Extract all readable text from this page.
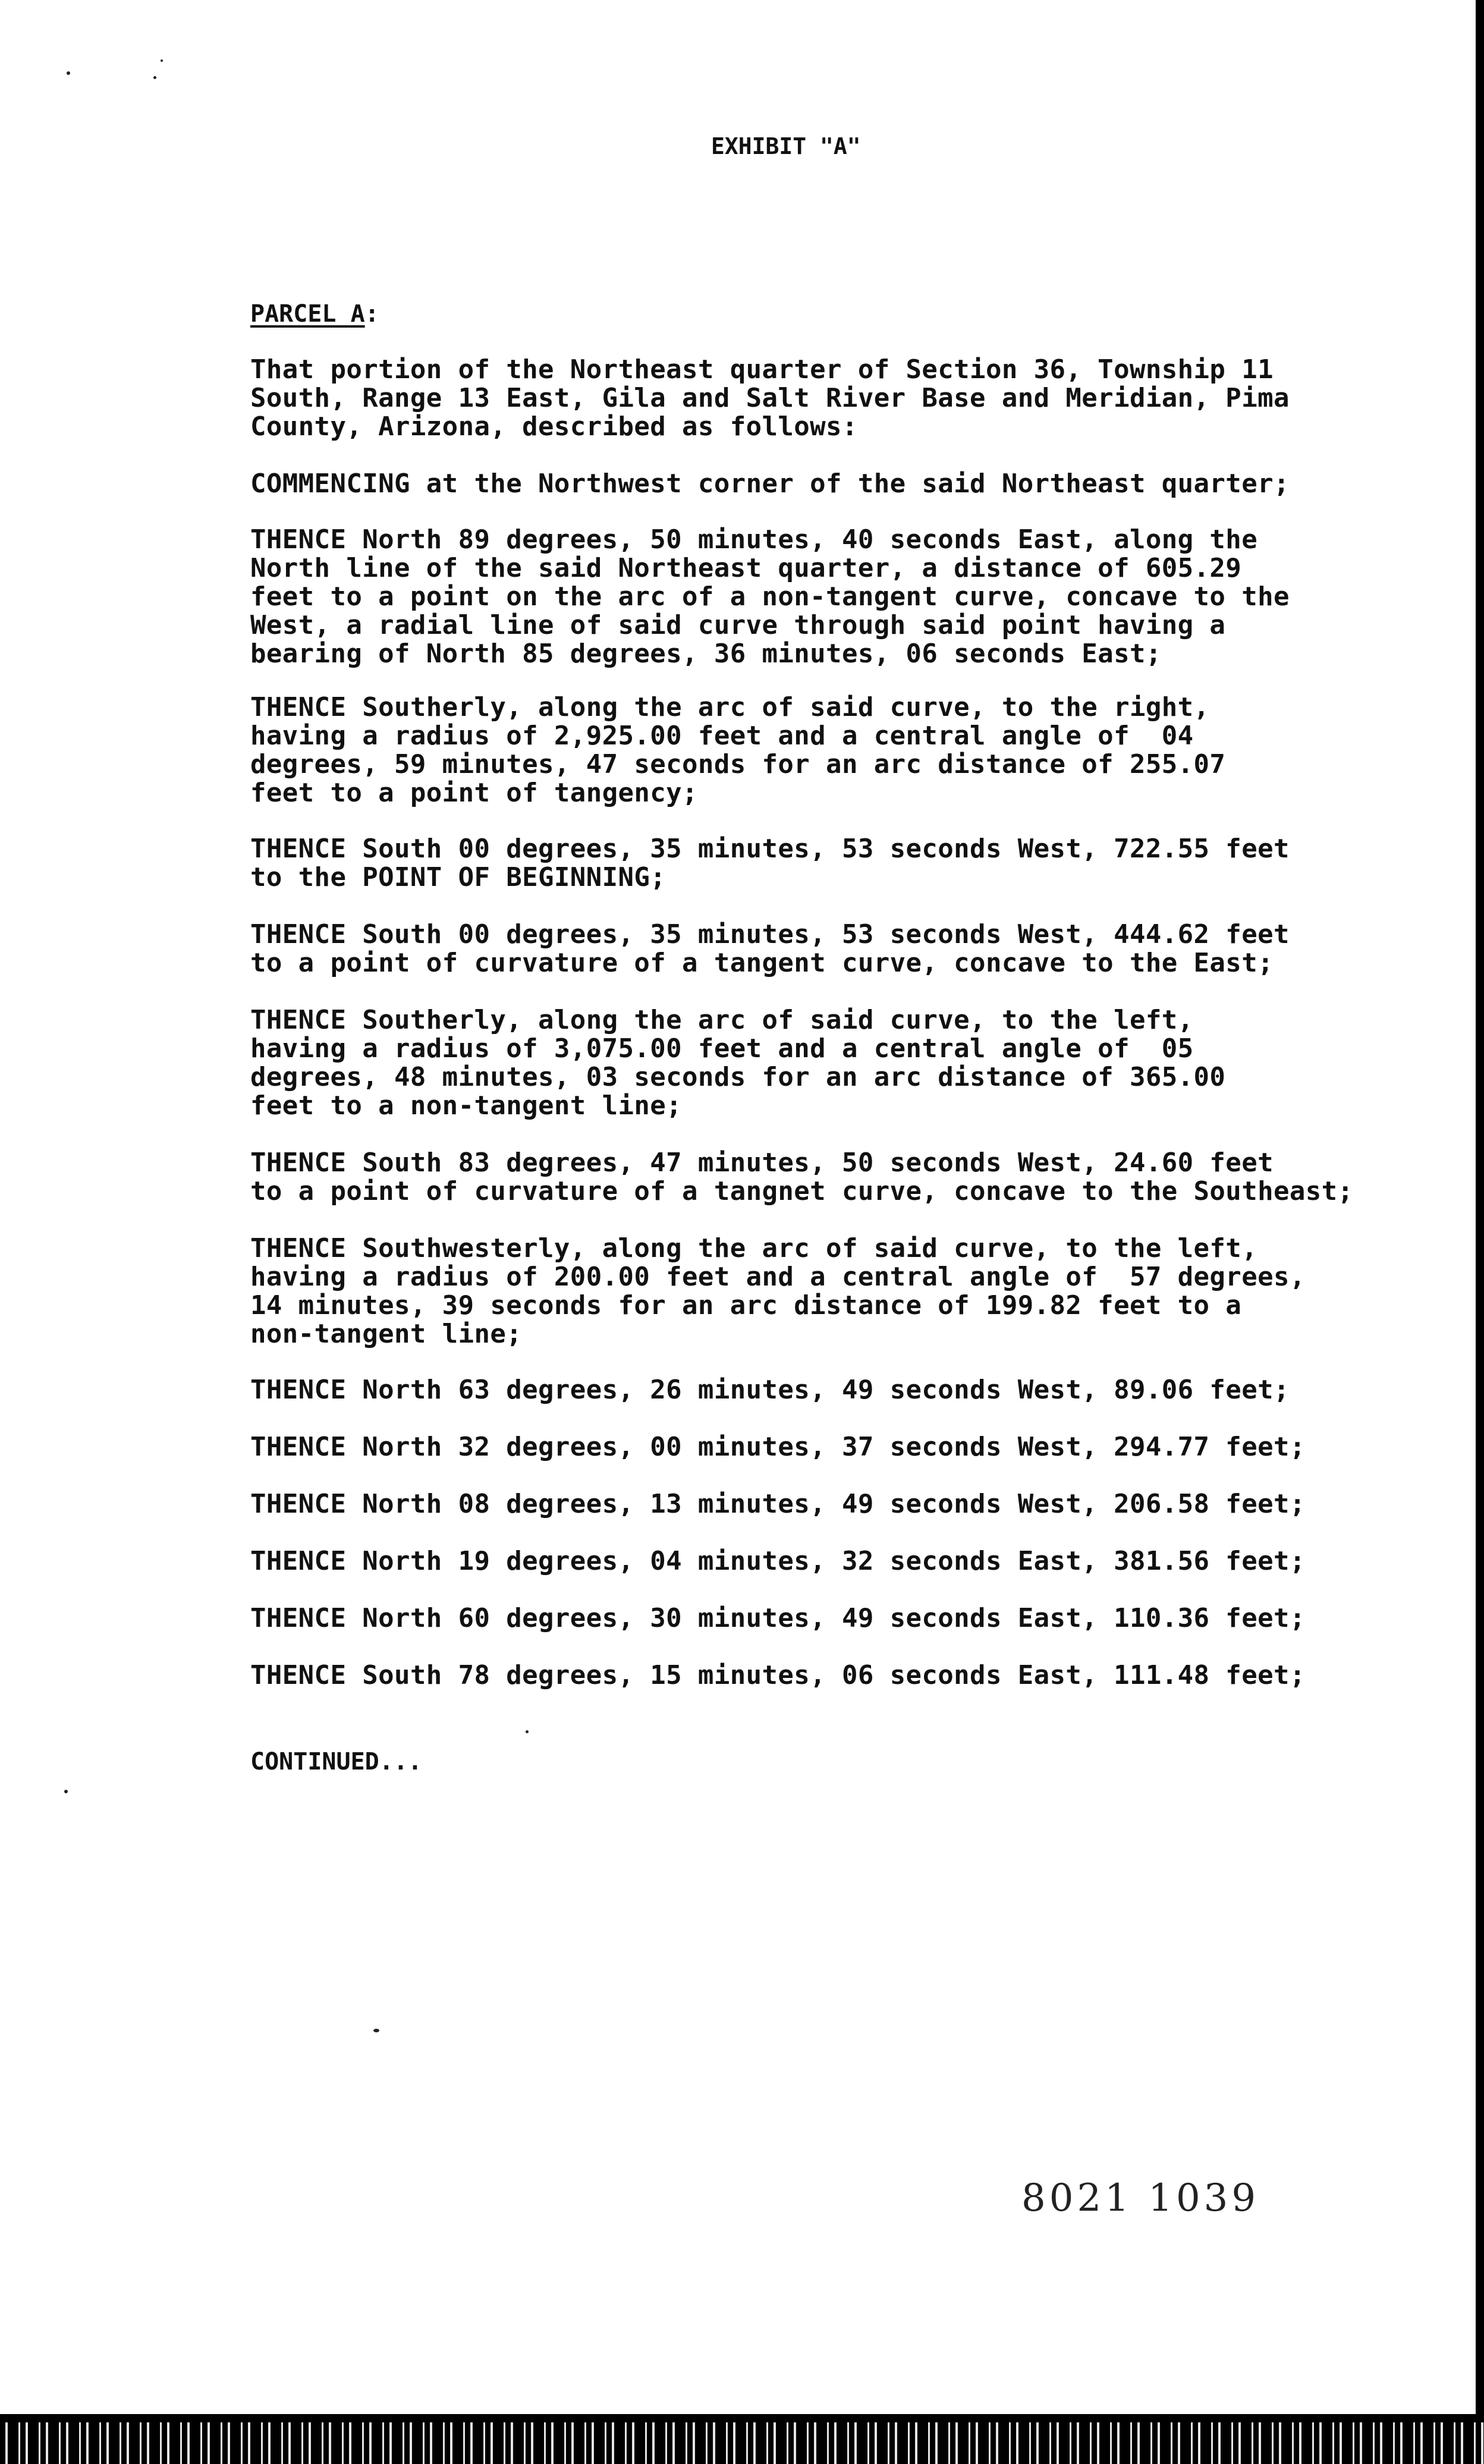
EXHIBIT "A"
PARCEL A:
That portion of the Northeast quarter of Section 36, Township 11
South, Range 13 East, Gila and Salt River Base and Meridian, Pima
County, Arizona, described as follows:
COMMENCING at the Northwest corner of the said Northeast quarter;
THENCE North 89 degrees, 50 minutes, 40 seconds East, along the
North line of the said Northeast quarter, a distance of 605.29
feet to a point on the arc of a non-tangent curve, concave to the
West, a radial line of said curve through said point having a
bearing of North 85 degrees, 36 minutes, 06 seconds East;
THENCE Southerly, along the arc of said curve, to the right,
having a radius of 2,925.00 feet and a central angle of  04
degrees, 59 minutes, 47 seconds for an arc distance of 255.07
feet to a point of tangency;
THENCE South 00 degrees, 35 minutes, 53 seconds West, 722.55 feet
to the POINT OF BEGINNING;
THENCE South 00 degrees, 35 minutes, 53 seconds West, 444.62 feet
to a point of curvature of a tangent curve, concave to the East;
THENCE Southerly, along the arc of said curve, to the left,
having a radius of 3,075.00 feet and a central angle of  05
degrees, 48 minutes, 03 seconds for an arc distance of 365.00
feet to a non-tangent line;
THENCE South 83 degrees, 47 minutes, 50 seconds West, 24.60 feet
to a point of curvature of a tangnet curve, concave to the Southeast;
THENCE Southwesterly, along the arc of said curve, to the left,
having a radius of 200.00 feet and a central angle of  57 degrees,
14 minutes, 39 seconds for an arc distance of 199.82 feet to a
non-tangent line;
THENCE North 63 degrees, 26 minutes, 49 seconds West, 89.06 feet;
THENCE North 32 degrees, 00 minutes, 37 seconds West, 294.77 feet;
THENCE North 08 degrees, 13 minutes, 49 seconds West, 206.58 feet;
THENCE North 19 degrees, 04 minutes, 32 seconds East, 381.56 feet;
THENCE North 60 degrees, 30 minutes, 49 seconds East, 110.36 feet;
THENCE South 78 degrees, 15 minutes, 06 seconds East, 111.48 feet;
CONTINUED...
8021 1039
